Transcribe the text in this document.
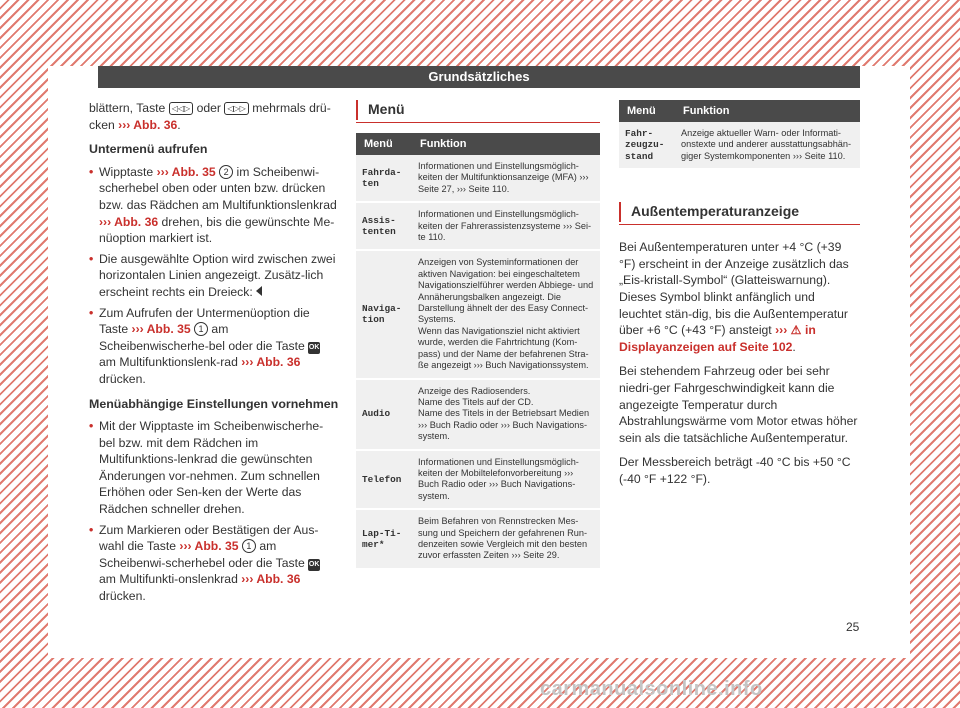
Grundsätzliches

blättern, Taste ◁◁▷ oder ◁▷▷ mehrmals drü-cken ››› Abb. 36.

Untermenü aufrufen
• Wipptaste ››› Abb. 35 2 im Scheibenwi-scherhebel oben oder unten bzw. drücken bzw. das Rädchen am Multifunktionslenkrad ››› Abb. 36 drehen, bis die gewünschte Me-nüoption markiert ist.
• Die ausgewählte Option wird zwischen zwei horizontalen Linien angezeigt. Zusätz-lich erscheint rechts ein Dreieck:
• Zum Aufrufen der Untermenüoption die Taste ››› Abb. 35 1 am Scheibenwischerhe-bel oder die Taste OK am Multifunktionslenk-rad ››› Abb. 36 drücken.
Menüabhängige Einstellungen vornehmen
• Mit der Wipptaste im Scheibenwischerhe-bel bzw. mit dem Rädchen im Multifunktions-lenkrad die gewünschten Änderungen vor-nehmen. Zum schnellen Erhöhen oder Sen-ken der Werte das Rädchen schneller drehen.
• Zum Markieren oder Bestätigen der Aus-wahl die Taste ››› Abb. 35 1 am Scheibenwi-scherhebel oder die Taste OK am Multifunkti-onslenkrad ››› Abb. 36 drücken.
Menü
Menü	Funktion
Fahrda-
ten	Informationen und Einstellungsmöglich-keiten der Multifunktionsanzeige (MFA) ››› Seite 27, ››› Seite 110.
Assis-
tenten	Informationen und Einstellungsmöglich-keiten der Fahrerassistenzsysteme ››› Sei-te 110.
Naviga-
tion	Anzeigen von Systeminformationen der aktiven Navigation: bei eingeschaltetem Navigationszielführer werden Abbiege- und Annäherungsbalken angezeigt. Die Darstellung ähnelt der des Easy Connect-Systems.
Wenn das Navigationsziel nicht aktiviert wurde, werden die Fahrtrichtung (Kom-pass) und der Name der befahrenen Stra-ße angezeigt ››› Buch Navigationssystem.
Audio	Anzeige des Radiosenders.
Name des Titels auf der CD.
Name des Titels in der Betriebsart Medien ››› Buch Radio oder ››› Buch Navigations-system.
Telefon	Informationen und Einstellungsmöglich-keiten der Mobiltelefonvorbereitung ››› Buch Radio oder ››› Buch Navigations-system.
Lap-Ti-
mer*	Beim Befahren von Rennstrecken Mes-sung und Speichern der gefahrenen Run-denzeiten sowie Vergleich mit den besten zuvor erfassten Zeiten ››› Seite 29.
Menü	Funktion
Fahr-
zeugzu-
stand	Anzeige aktueller Warn- oder Informati-onstexte und anderer ausstattungsabhän-giger Systemkomponenten ››› Seite 110.
Außentemperaturanzeige

Bei Außentemperaturen unter +4 °C (+39 °F) erscheint in der Anzeige zusätzlich das „Eis-kristall-Symbol“ (Glatteiswarnung). Dieses Symbol blinkt anfänglich und leuchtet stän-dig, bis die Außentemperatur über +6 °C (+43 °F) ansteigt ››› ⚠ in Displayanzeigen auf Seite 102.

Bei stehendem Fahrzeug oder bei sehr niedri-ger Fahrgeschwindigkeit kann die angezeigte Temperatur durch Abstrahlungswärme vom Motor etwas höher sein als die tatsächliche Außentemperatur.

Der Messbereich beträgt -40 °C bis +50 °C (-40 °F +122 °F).

25
carmanualsonline.info
